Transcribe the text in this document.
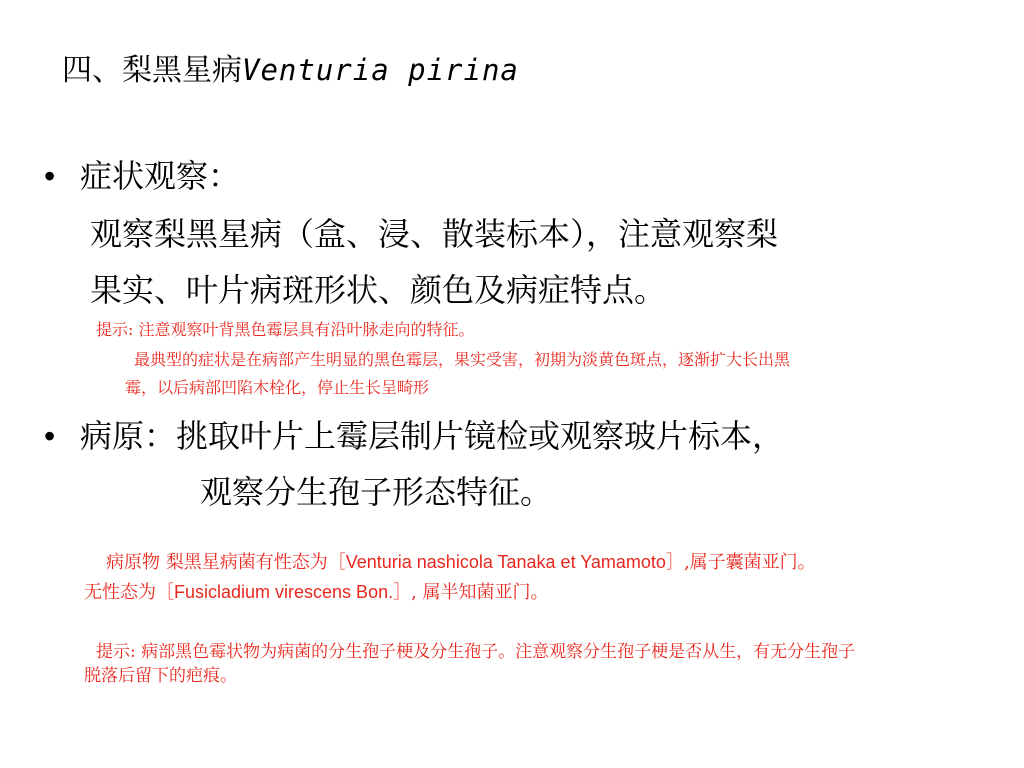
四、梨黑星病Venturia pirina
• 症状观察：
观察梨黑星病（盒、浸、散装标本），注意观察梨
果实、叶片病斑形状、颜色及病症特点。
提示: 注意观察叶背黑色霉层具有沿叶脉走向的特征。
最典型的症状是在病部产生明显的黑色霉层，果实受害，初期为淡黄色斑点，逐渐扩大长出黑
霉，以后病部凹陷木栓化，停止生长呈畸形
• 病原：挑取叶片上霉层制片镜检或观察玻片标本，
观察分生孢子形态特征。
病原物 梨黑星病菌有性态为［Venturia nashicola Tanaka et Yamamoto］,属子囊菌亚门。
无性态为［Fusicladium virescens Bon.］, 属半知菌亚门。
提示: 病部黑色霉状物为病菌的分生孢子梗及分生孢子。注意观察分生孢子梗是否从生，有无分生孢子
脱落后留下的疤痕。
